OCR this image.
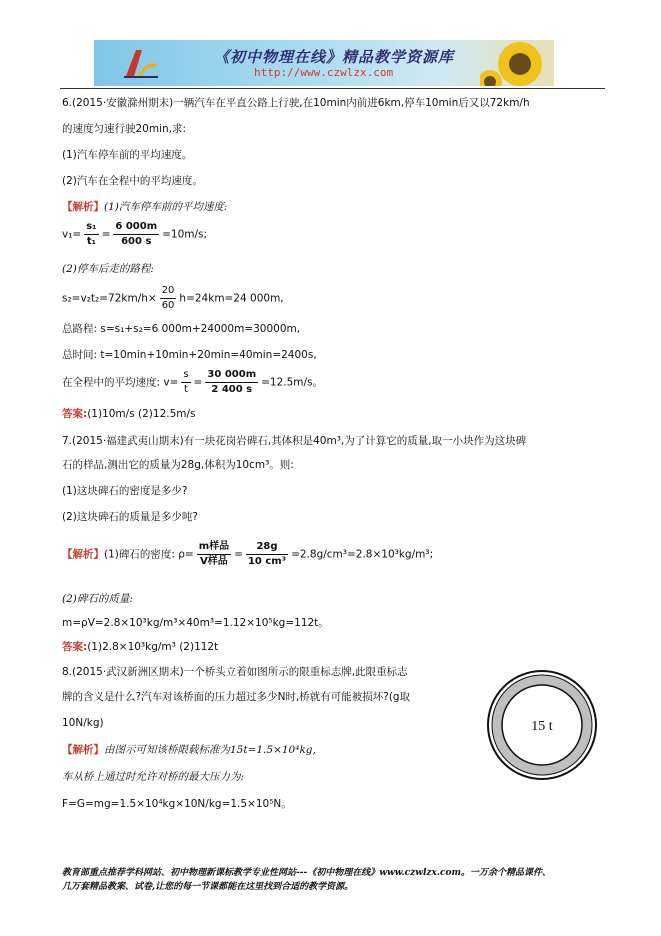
《初中物理在线》精品教学资源库
http://www.czwlzx.com
6.(2015·安徽滁州期末)一辆汽车在平直公路上行驶,在10min内前进6km,停车10min后又以72km/h
的速度匀速行驶20min,求:
(1)汽车停车前的平均速度。
(2)汽车在全程中的平均速度。
【解析】(1)汽车停车前的平均速度:
$v_1= \frac{\text{s₁}}{\text{t₁}} = \frac{6 000m}{600 s} =10m/s$;
(2)停车后走的路程:
$s_2=v_2t_2=72km/h\times \frac{20}{60} h=24km=24$ 000m,
总路程: s=s₁+s₂=6 000m+24000m=30000m,
总时间: t=10min+10min+20min=40min=2400s,
在全程中的平均速度: $v= \frac{s}{t} = \frac{30 000m}{2 400 s} =12.5m/s$。
答案:(1)10m/s (2)12.5m/s
7.(2015·福建武夷山期末)有一块花岗岩碑石,其体积是40m³,为了计算它的质量,取一小块作为这块碑
石的样品,测出它的质量为28g,体积为10cm³。则:
(1)这块碑石的密度是多少?
(2)这块碑石的质量是多少吨?
【解析】(1)碑石的密度: $\rho= \frac{\text{m样品}}{\text{V样品}} = \frac{28g}{\text{10 cm³}} =2.8g/cm^3=2.8\times 10^3kg/m^3$;
(2)碑石的质量:
m=ρV=2.8×10³kg/m³×40m³=1.12×10⁵kg=112t。
答案:(1)2.8×10³kg/m³ (2)112t
8.(2015·武汉新洲区期末)一个桥头立着如图所示的限重标志牌,此限重标志
牌的含义是什么?汽车对该桥面的压力超过多少N时,桥就有可能被损坏?(g取
10N/kg)
【解析】由图示可知该桥限载标准为15t=1.5×10⁴kg,
车从桥上通过时允许对桥的最大压力为:
F=G=mg=1.5×10⁴kg×10N/kg=1.5×10⁵N。
15 t
教育部重点推荐学科网站、初中物理新课标教学专业性网站---《初中物理在线》www.czwlzx.com。一万余个精品课件、
几万套精品教案、试卷,让您的每一节课都能在这里找到合适的教学资源。
